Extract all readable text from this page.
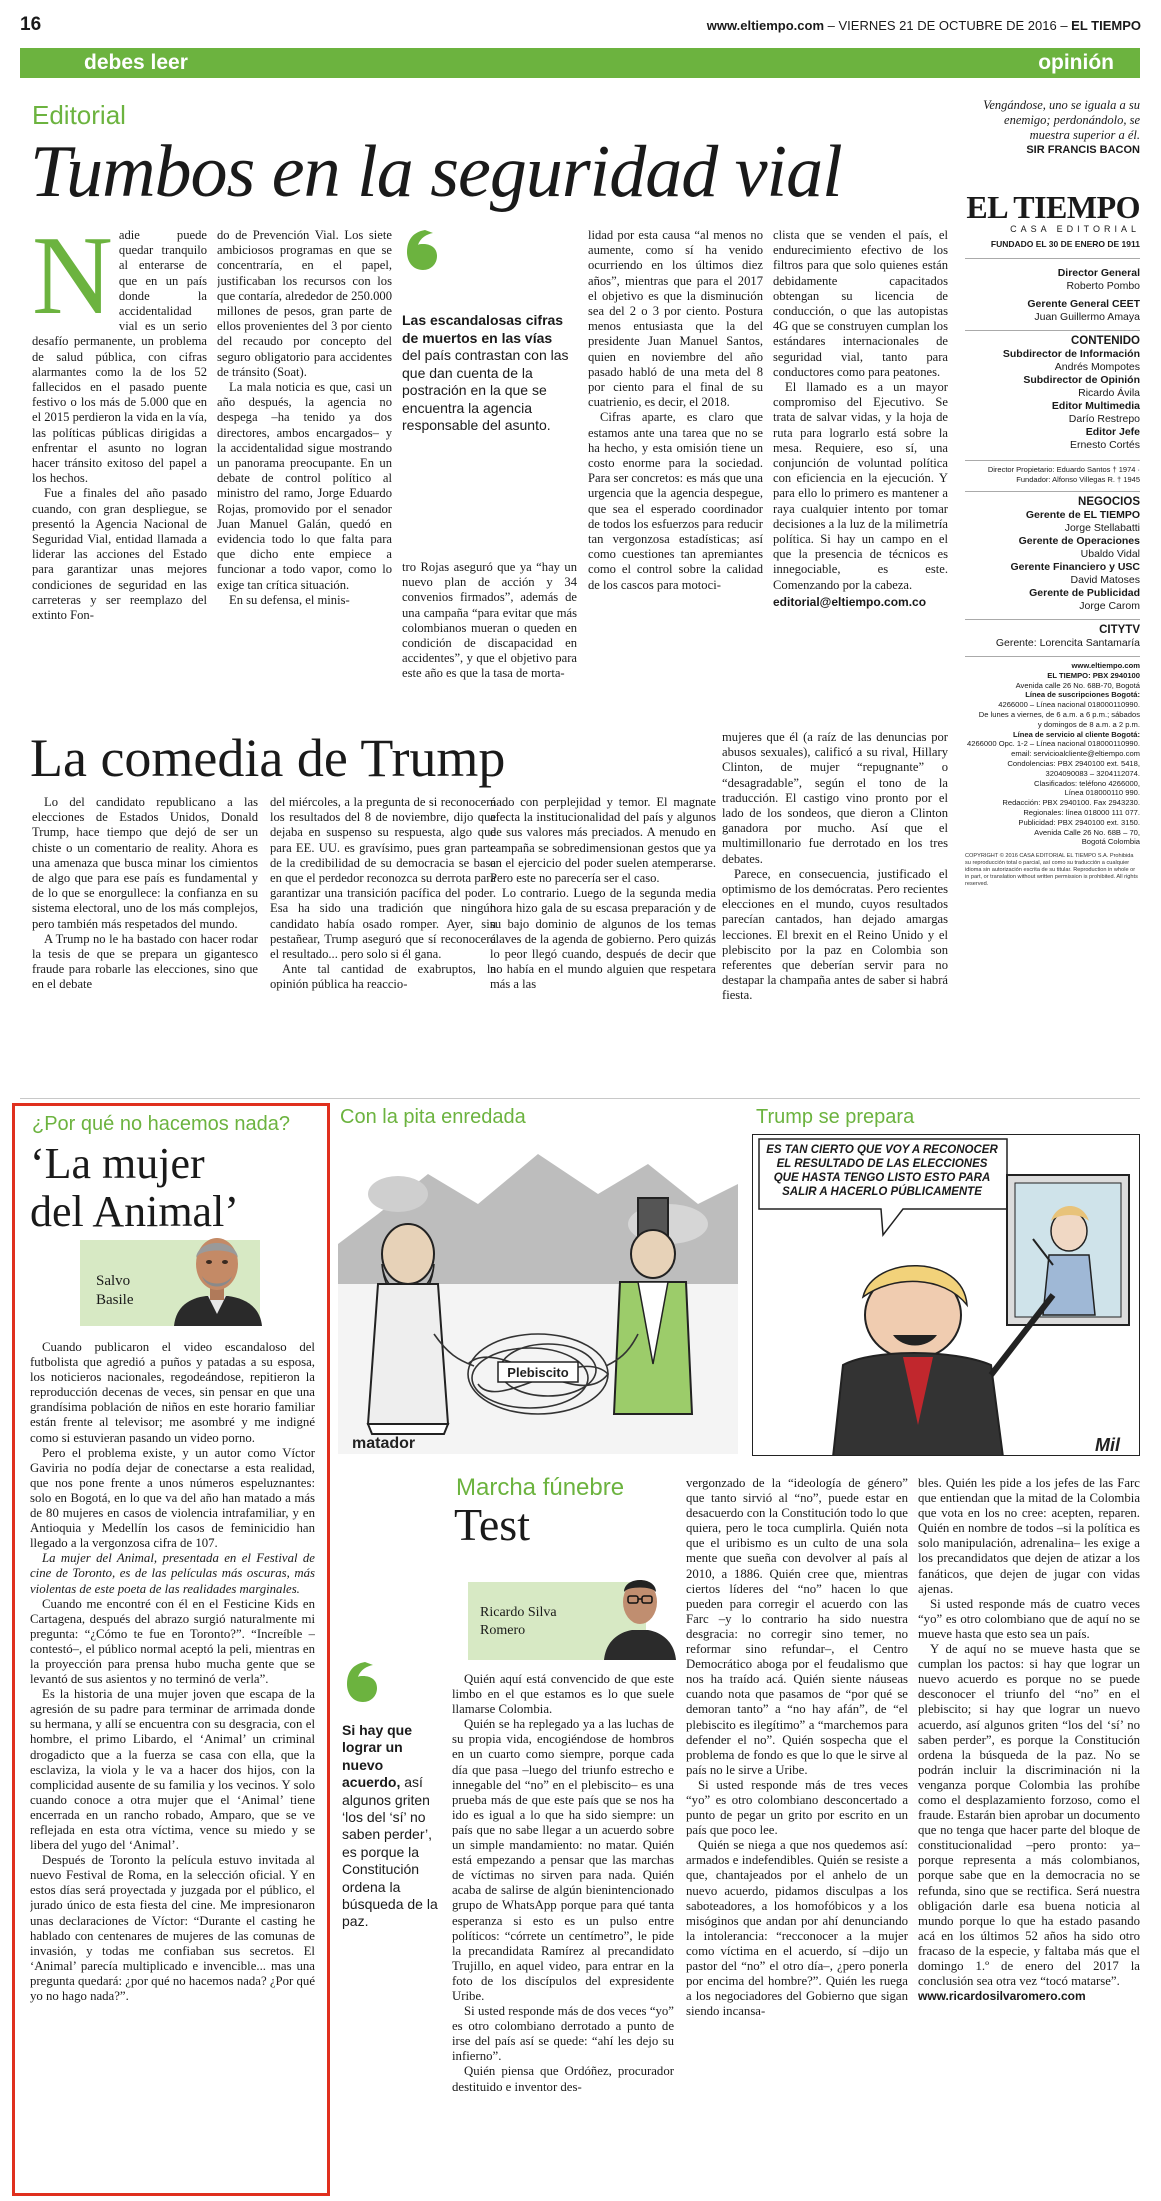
16	www.eltiempo.com – VIERNES 21 DE OCTUBRE DE 2016 – EL TIEMPO
debes leer	opinión
Editorial
Tumbos en la seguridad vial
N adie puede quedar tranquilo al enterarse de que en un país donde la accidentalidad vial es un serio desafío permanente, un problema de salud pública, con cifras alarmantes como la de los 52 fallecidos en el pasado puente festivo o los más de 5.000 que en el 2015 perdieron la vida en la vía, las políticas públicas dirigidas a enfrentar el asunto no logran hacer tránsito exitoso del papel a los hechos.

Fue a finales del año pasado cuando, con gran despliegue, se presentó la Agencia Nacional de Seguridad Vial, entidad llamada a liderar las acciones del Estado para garantizar unas mejores condiciones de seguridad en las carreteras y ser reemplazo del extinto Fon-

do de Prevención Vial. Los siete ambiciosos programas en que se concentraría, en el papel, justificaban los recursos con los que contaría, alrededor de 250.000 millones de pesos, gran parte de ellos provenientes del 3 por ciento del recaudo por concepto del seguro obligatorio para accidentes de tránsito (Soat).

La mala noticia es que, casi un año después, la agencia no despega –ha tenido ya dos directores, ambos encargados– y la accidentalidad sigue mostrando un panorama preocupante. En un debate de control político al ministro del ramo, Jorge Eduardo Rojas, promovido por el senador Juan Manuel Galán, quedó en evidencia todo lo que falta para que dicho ente empiece a funcionar a todo vapor, como lo exige tan crítica situación.

En su defensa, el minis-

Las escandalosas cifras de muertos en las vías del país contrastan con las que dan cuenta de la postración en la que se encuentra la agencia responsable del asunto.

tro Rojas aseguró que ya “hay un nuevo plan de acción y 34 convenios firmados”, además de una campaña “para evitar que más colombianos mueran o queden en condición de discapacidad en accidentes”, y que el objetivo para este año es que la tasa de morta-

lidad por esta causa “al menos no aumente, como sí ha venido ocurriendo en los últimos diez años”, mientras que para el 2017 el objetivo es que la disminución sea del 2 o 3 por ciento. Postura menos entusiasta que la del presidente Juan Manuel Santos, quien en noviembre del año pasado habló de una meta del 8 por ciento para el final de su cuatrienio, es decir, el 2018.

Cifras aparte, es claro que estamos ante una tarea que no se ha hecho, y esta omisión tiene un costo enorme para la sociedad. Para ser concretos: es más que una urgencia que la agencia despegue, que sea el esperado coordinador de todos los esfuerzos para reducir tan vergonzosa estadísticas; así como cuestiones tan apremiantes como el control sobre la calidad de los cascos para motoci-

clista que se venden el país, el endurecimiento efectivo de los filtros para que solo quienes están debidamente capacitados obtengan su licencia de conducción, o que las autopistas 4G que se construyen cumplan los estándares internacionales de seguridad vial, tanto para conductores como para peatones.

El llamado es a un mayor compromiso del Ejecutivo. Se trata de salvar vidas, y la hoja de ruta para lograrlo está sobre la mesa. Requiere, eso sí, una conjunción de voluntad política con eficiencia en la ejecución. Y para ello lo primero es mantener a raya cualquier intento por tomar decisiones a la luz de la milimetría política. Si hay un campo en el que la presencia de técnicos es innegociable, es este. Comenzando por la cabeza.

editorial@eltiempo.com.co

Vengándose, uno se iguala a su enemigo; perdonándolo, se muestra superior a él.
SIR FRANCIS BACON
EL TIEMPO
CASA EDITORIAL
FUNDADO EL 30 DE ENERO DE 1911
Director General
Roberto Pombo
Gerente General CEET
Juan Guillermo Amaya
CONTENIDO
Subdirector de Información
Andrés Mompotes
Subdirector de Opinión
Ricardo Ávila
Editor Multimedia
Darío Restrepo
Editor Jefe
Ernesto Cortés
Director Propietario: Eduardo Santos † 1974 · Fundador: Alfonso Villegas R. † 1945
NEGOCIOS
Gerente de EL TIEMPO
Jorge Stellabatti
Gerente de Operaciones
Ubaldo Vidal
Gerente Financiero y USC
David Matoses
Gerente de Publicidad
Jorge Carom
CITYTV
Gerente: Lorencita Santamaría
www.eltiempo.com
EL TIEMPO: PBX 2940100
Avenida calle 26 No. 68B-70, Bogotá
Línea de suscripciones Bogotá:
4266000 – Línea nacional 018000110990.
De lunes a viernes, de 6 a.m. a 6 p.m.; sábados
y domingos de 8 a.m. a 2 p.m.
Línea de servicio al cliente Bogotá:
4266000 Opc. 1-2 – Línea nacional 018000110990.
email: servicioalcliente@eltiempo.com
Condolencias: PBX 2940100 ext. 5418,
3204090083 – 3204112074.
Clasificados: teléfono 4266000,
Línea 018000110 990.
Redacción: PBX 2940100. Fax 2943230.
Regionales: línea 018000 111 077.
Publicidad: PBX 2940100 ext. 3150.
Avenida Calle 26 No. 68B – 70,
Bogotá Colombia
COPYRIGHT © 2016 CASA EDITORIAL EL TIEMPO S.A. Prohibida su reproducción total o parcial, así como su traducción a cualquier idioma sin autorización escrita de su titular. Reproduction in whole or in part, or translation without written permission is prohibited. All rights reserved.
La comedia de Trump

Lo del candidato republicano a las elecciones de Estados Unidos, Donald Trump, hace tiempo que dejó de ser un chiste o un comentario de reality. Ahora es una amenaza que busca minar los cimientos de algo que para ese país es fundamental y de lo que se enorgullece: la confianza en su sistema electoral, uno de los más complejos, pero también más respetados del mundo.

A Trump no le ha bastado con hacer rodar la tesis de que se prepara un gigantesco fraude para robarle las elecciones, sino que en el debate

del miércoles, a la pregunta de si reconocerá los resultados del 8 de noviembre, dijo que dejaba en suspenso su respuesta, algo que para EE. UU. es gravísimo, pues gran parte de la credibilidad de su democracia se basa en que el perdedor reconozca su derrota para garantizar una transición pacífica del poder. Esa ha sido una tradición que ningún candidato había osado romper. Ayer, sin pestañear, Trump aseguró que sí reconocerá el resultado... pero solo si él gana.

Ante tal cantidad de exabruptos, la opinión pública ha reaccio-

nado con perplejidad y temor. El magnate afecta la institucionalidad del país y algunos de sus valores más preciados. A menudo en campaña se sobredimensionan gestos que ya en el ejercicio del poder suelen atemperarse. Pero este no parecería ser el caso.

Lo contrario. Luego de la segunda media hora hizo gala de su escasa preparación y de su bajo dominio de algunos de los temas claves de la agenda de gobierno. Pero quizás lo peor llegó cuando, después de decir que no había en el mundo alguien que respetara más a las

mujeres que él (a raíz de las denuncias por abusos sexuales), calificó a su rival, Hillary Clinton, de mujer “repugnante” o “desagradable”, según el tono de la traducción. El castigo vino pronto por el lado de los sondeos, que dieron a Clinton ganadora por mucho. Así que el multimillonario fue derrotado en los tres debates.

Parece, en consecuencia, justificado el optimismo de los demócratas. Pero recientes elecciones en el mundo, cuyos resultados parecían cantados, han dejado amargas lecciones. El brexit en el Reino Unido y el plebiscito por la paz en Colombia son referentes que deberían servir para no destapar la champaña antes de saber si habrá fiesta.

¿Por qué no hacemos nada?
‘La mujer
del Animal’
Salvo
Basile

Cuando publicaron el video escandaloso del futbolista que agredió a puños y patadas a su esposa, los noticieros nacionales, regodeándose, repitieron la reproducción decenas de veces, sin pensar en que una grandísima población de niños en este horario familiar están frente al televisor; me asombré y me indigné como si estuvieran pasando un video porno.

Pero el problema existe, y un autor como Víctor Gaviria no podía dejar de conectarse a esta realidad, que nos pone frente a unos números espeluznantes: solo en Bogotá, en lo que va del año han matado a más de 80 mujeres en casos de violencia intrafamiliar, y en Antioquia y Medellín los casos de feminicidio han llegado a la vergonzosa cifra de 107.

La mujer del Animal, presentada en el Festival de cine de Toronto, es de las películas más oscuras, más violentas de este poeta de las realidades marginales.

Cuando me encontré con él en el Festicine Kids en Cartagena, después del abrazo surgió naturalmente mi pregunta: “¿Cómo te fue en Toronto?”. “Increíble –contestó–, el público normal aceptó la peli, mientras en la proyección para prensa hubo mucha gente que se levantó de sus asientos y no terminó de verla”.

Es la historia de una mujer joven que escapa de la agresión de su padre para terminar de arrimada donde su hermana, y allí se encuentra con su desgracia, con el hombre, el primo Libardo, el ‘Animal’ un criminal drogadicto que a la fuerza se casa con ella, que la esclaviza, la viola y le va a hacer dos hijos, con la complicidad ausente de su familia y los vecinos. Y solo cuando conoce a otra mujer que el ‘Animal’ tiene encerrada en un rancho robado, Amparo, que se ve reflejada en esta otra víctima, vence su miedo y se libera del yugo del ‘Animal’.

Después de Toronto la película estuvo invitada al nuevo Festival de Roma, en la selección oficial. Y en estos días será proyectada y juzgada por el público, el jurado único de esta fiesta del cine. Me impresionaron unas declaraciones de Víctor: “Durante el casting he hablado con centenares de mujeres de las comunas de invasión, y todas me confiaban sus secretos. El ‘Animal’ parecía multiplicado e invencible... mas una pregunta quedará: ¿por qué no hacemos nada? ¿Por qué yo no hago nada?”.

Con la pita enredada
Plebiscito
matador
Trump se prepara
ES TAN CIERTO QUE VOY A RECONOCER EL RESULTADO DE LAS ELECCIONES QUE HASTA TENGO LISTO ESTO PARA SALIR A HACERLO PÚBLICAMENTE
Mil
Marcha fúnebre
Test
Ricardo Silva
Romero
Si hay que lograr un nuevo acuerdo, así algunos griten ‘los del ‘sí’ no saben perder’, es porque la Constitución ordena la búsqueda de la paz.

Quién aquí está convencido de que este limbo en el que estamos es lo que suele llamarse Colombia.

Quién se ha replegado ya a las luchas de su propia vida, encogiéndose de hombros en un cuarto como siempre, porque cada día que pasa –luego del triunfo estrecho e innegable del “no” en el plebiscito– es una prueba más de que este país que se nos ha ido es igual a lo que ha sido siempre: un país que no sabe llegar a un acuerdo sobre un simple mandamiento: no matar. Quién está empezando a pensar que las marchas de víctimas no sirven para nada. Quién acaba de salirse de algún bienintencionado grupo de WhatsApp porque para qué tanta esperanza si esto es un pulso entre políticos: “córrete un centímetro”, le pide la precandidata Ramírez al precandidato Trujillo, en aquel video, para entrar en la foto de los discípulos del expresidente Uribe.

Si usted responde más de dos veces “yo” es otro colombiano derrotado a punto de irse del país así se quede: “ahí les dejo su infierno”.

Quién piensa que Ordóñez, procurador destituido e inventor des-

vergonzado de la “ideología de género” que tanto sirvió al “no”, puede estar en desacuerdo con la Constitución todo lo que quiera, pero le toca cumplirla. Quién nota que el uribismo es un culto de una sola mente que sueña con devolver al país al 2010, a 1886. Quién cree que, mientras ciertos líderes del “no” hacen lo que pueden para corregir el acuerdo con las Farc –y lo contrario ha sido nuestra desgracia: no corregir sino temer, no reformar sino refundar–, el Centro Democrático aboga por el feudalismo que nos ha traído acá. Quién siente náuseas cuando nota que pasamos de “por qué se demoran tanto” a “no hay afán”, de “el plebiscito es ilegítimo” a “marchemos para defender el no”. Quién sospecha que el problema de fondo es que lo que le sirve al país no le sirve a Uribe.

Si usted responde más de tres veces “yo” es otro colombiano desconcertado a punto de pegar un grito por escrito en un país que poco lee.

Quién se niega a que nos quedemos así: armados e indefendibles. Quién se resiste a que, chantajeados por el anhelo de un nuevo acuerdo, pidamos disculpas a los saboteadores, a los homofóbicos y a los misóginos que andan por ahí denunciando la intolerancia: “recconocer a la mujer como víctima en el acuerdo, sí –dijo un pastor del “no” el otro día–, ¿pero ponerla por encima del hombre?”. Quién les ruega a los negociadores del Gobierno que sigan siendo incansa-

bles. Quién les pide a los jefes de las Farc que entiendan que la mitad de la Colombia que vota en los no cree: acepten, reparen. Quién en nombre de todos –si la política es solo manipulación, adrenalina– les exige a los precandidatos que dejen de atizar a los fanáticos, que dejen de jugar con vidas ajenas.

Si usted responde más de cuatro veces “yo” es otro colombiano que de aquí no se mueve hasta que esto sea un país.

Y de aquí no se mueve hasta que se cumplan los pactos: si hay que lograr un nuevo acuerdo es porque no se puede desconocer el triunfo del “no” en el plebiscito; si hay que lograr un nuevo acuerdo, así algunos griten “los del ‘sí’ no saben perder”, es porque la Constitución ordena la búsqueda de la paz. No se podrán incluir la discriminación ni la venganza porque Colombia las prohíbe como el desplazamiento forzoso, como el fraude. Estarán bien aprobar un documento que no tenga que hacer parte del bloque de constitucionalidad –pero pronto: ya– porque representa a más colombianos, porque sabe que en la democracia no se refunda, sino que se rectifica. Será nuestra obligación darle esa buena noticia al mundo porque lo que ha estado pasando acá en los últimos 52 años ha sido otro fracaso de la especie, y faltaba más que el domingo 1.º de enero del 2017 la conclusión sea otra vez “tocó matarse”.

www.ricardosilvaromero.com
